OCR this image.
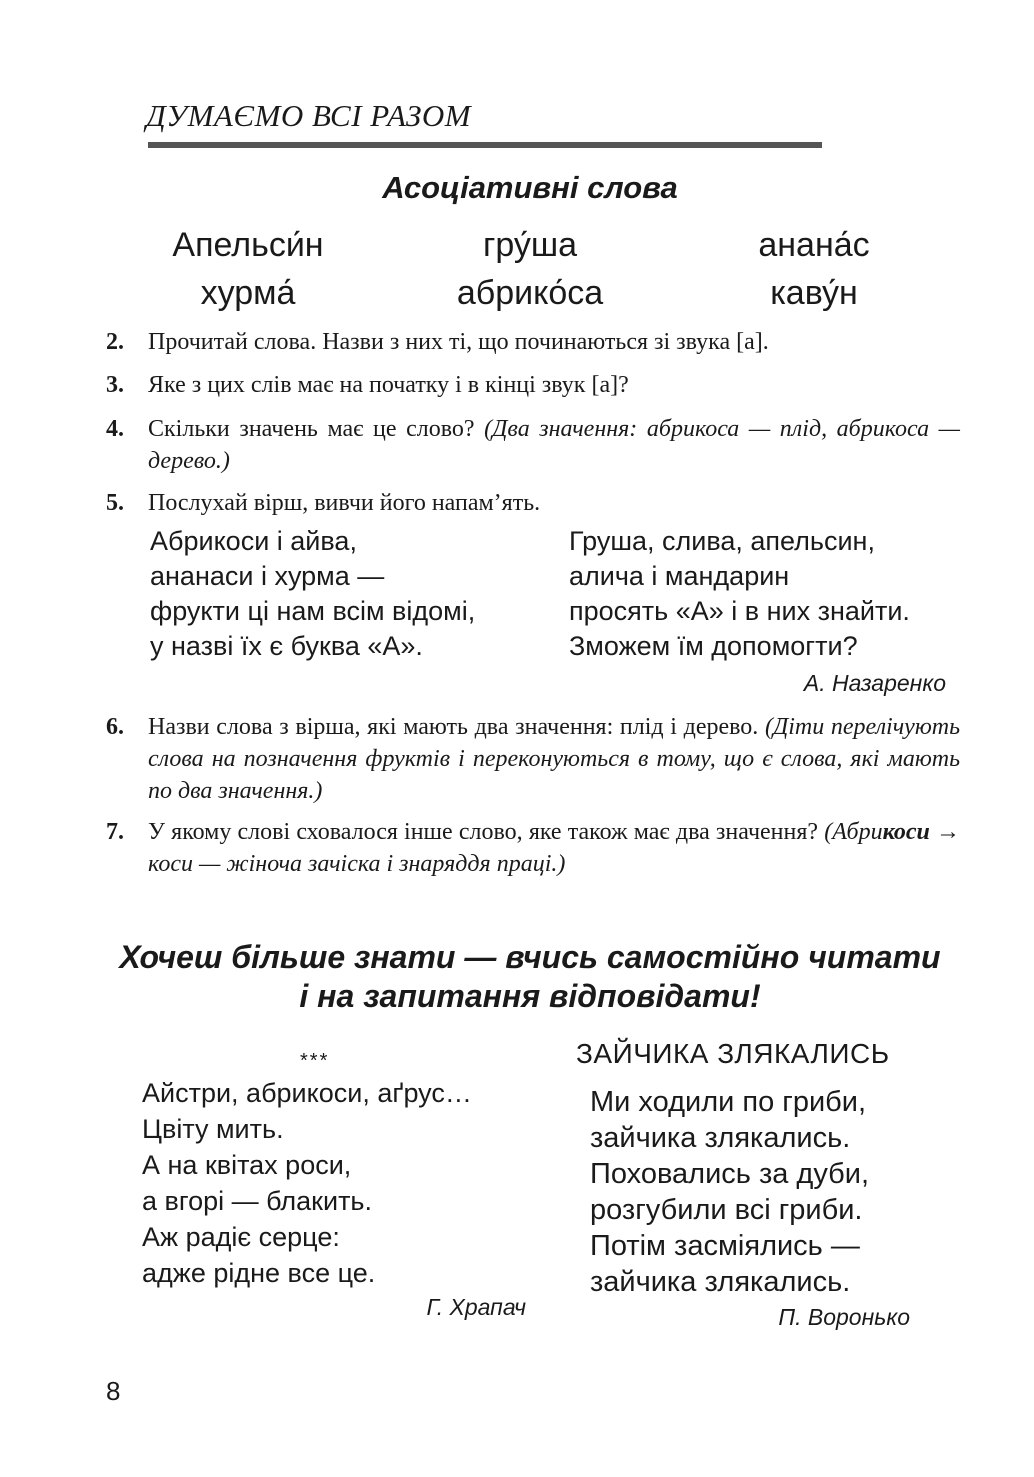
ДУМАЄМО ВСІ РАЗОМ
Асоціативні слова
Апельси́н	гру́ша	анана́с
хурма́	абрико́са	каву́н
2. Прочитай слова. Назви з них ті, що починаються зі звука [а].
3. Яке з цих слів має на початку і в кінці звук [а]?
4. Скільки значень має це слово? (Два значення: абрикоса — плід, абрикоса — дерево.)
5. Послухай вірш, вивчи його напам’ять.
Абрикоси і айва,
ананаси і хурма —
фрукти ці нам всім відомі,
у назві їх є буква «А».
Груша, слива, апельсин,
алича і мандарин
просять «А» і в них знайти.
Зможем їм допомогти?
А. Назаренко
6. Назви слова з вірша, які мають два значення: плід і дерево. (Діти перелічують слова на позначення фруктів і переконуються в тому, що є слова, які мають по два значення.)
7. У якому слові сховалося інше слово, яке також має два значення? (Абрикоси → коси — жіноча зачіска і знаряддя праці.)
Хочеш більше знати — вчись самостійно читати
і на запитання відповідати!
***
Айстри, абрикоси, аґрус…
Цвіту мить.
А на квітах роси,
а вгорі — блакить.
Аж радіє серце:
адже рідне все це.
Г. Храпач
ЗАЙЧИКА ЗЛЯКАЛИСЬ
Ми ходили по гриби,
зайчика злякались.
Поховались за дуби,
розгубили всі гриби.
Потім засміялись —
зайчика злякались.
П. Воронько
8
